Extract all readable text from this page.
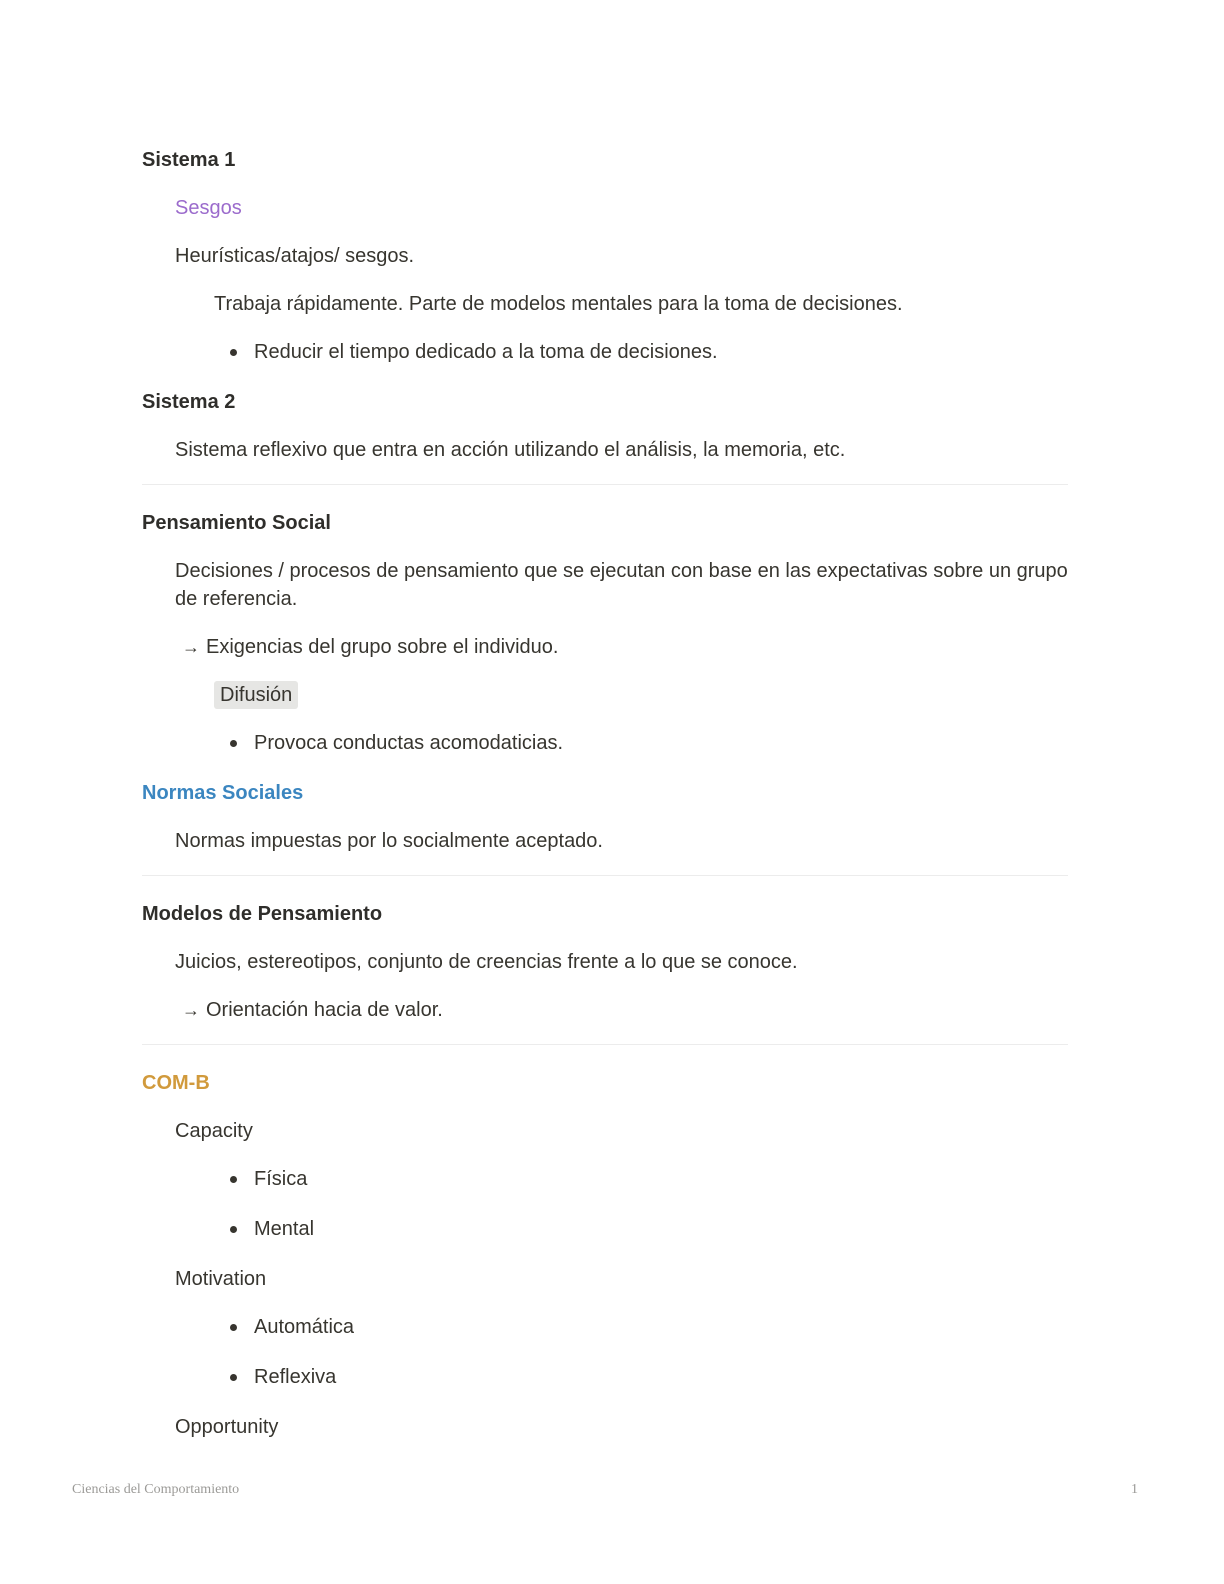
Sistema 1
Sesgos
Heurísticas/atajos/ sesgos.
Trabaja rápidamente. Parte de modelos mentales para la toma de decisiones.
Reducir el tiempo dedicado a la toma de decisiones.
Sistema 2
Sistema reflexivo que entra en acción utilizando el análisis, la memoria, etc.
Pensamiento Social
Decisiones / procesos de pensamiento que se ejecutan con base en las expectativas sobre un grupo de referencia.
→ Exigencias del grupo sobre el individuo.
Difusión
Provoca conductas acomodaticias.
Normas Sociales
Normas impuestas por lo socialmente aceptado.
Modelos de Pensamiento
Juicios, estereotipos, conjunto de creencias frente a lo que se conoce.
→ Orientación hacia de valor.
COM-B
Capacity
Física
Mental
Motivation
Automática
Reflexiva
Opportunity
Ciencias del Comportamiento	1
